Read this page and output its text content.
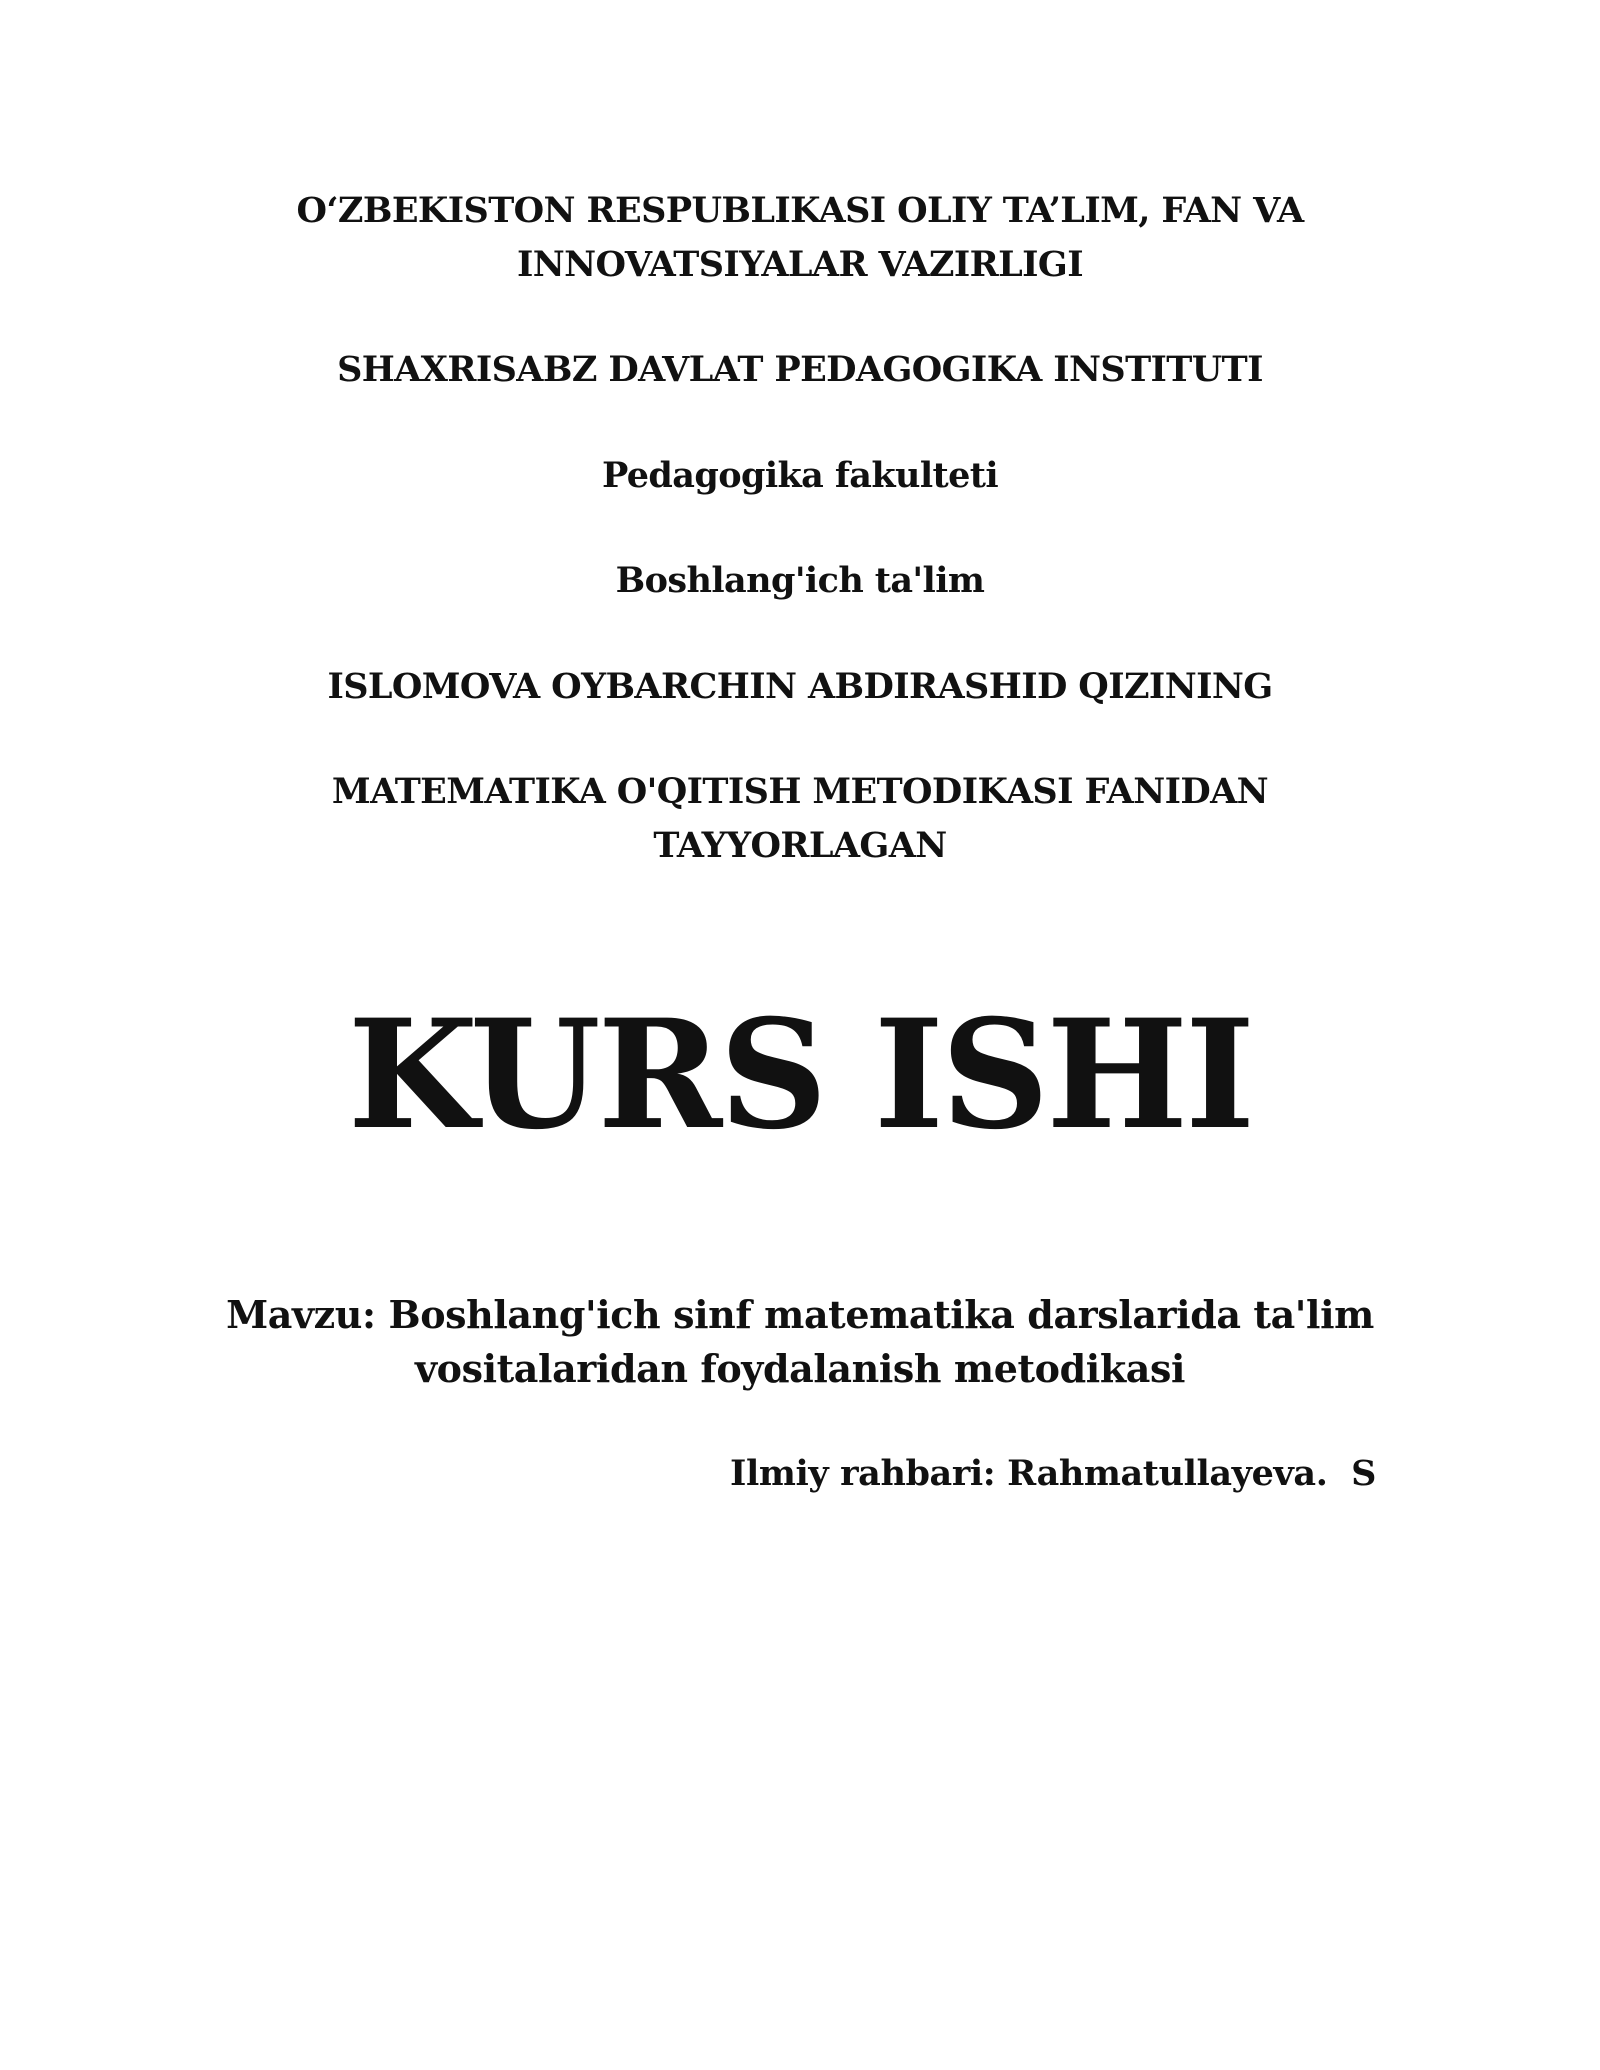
O‘ZBEKISTON RESPUBLIKASI OLIY TA’LIM, FAN VA
INNOVATSIYALAR VAZIRLIGI
SHAXRISABZ DAVLAT PEDAGOGIKA INSTITUTI
Pedagogika fakulteti
Boshlang'ich ta'lim
ISLOMOVA OYBARCHIN ABDIRASHID QIZINING
MATEMATIKA O'QITISH METODIKASI FANIDAN
TAYYORLAGAN
KURS ISHI
Mavzu: Boshlang'ich sinf matematika darslarida ta'lim
vositalaridan foydalanish metodikasi
Ilmiy rahbari: Rahmatullayeva.  S
